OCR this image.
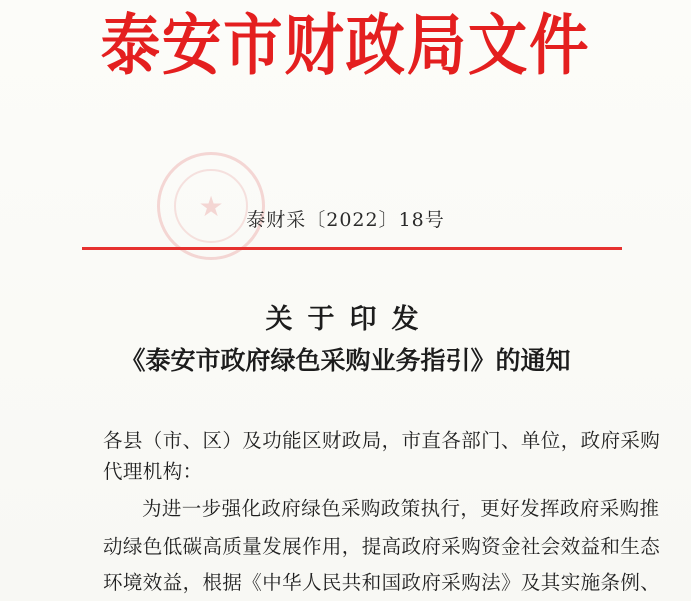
泰安市财政局文件
★	泰财采〔2022〕18号
关于印发
《泰安市政府绿色采购业务指引》的通知
各县（市、区）及功能区财政局，市直各部门、单位，政府采购
代理机构：
为进一步强化政府绿色采购政策执行，更好发挥政府采购推
动绿色低碳高质量发展作用，提高政府采购资金社会效益和生态
环境效益，根据《中华人民共和国政府采购法》及其实施条例、
